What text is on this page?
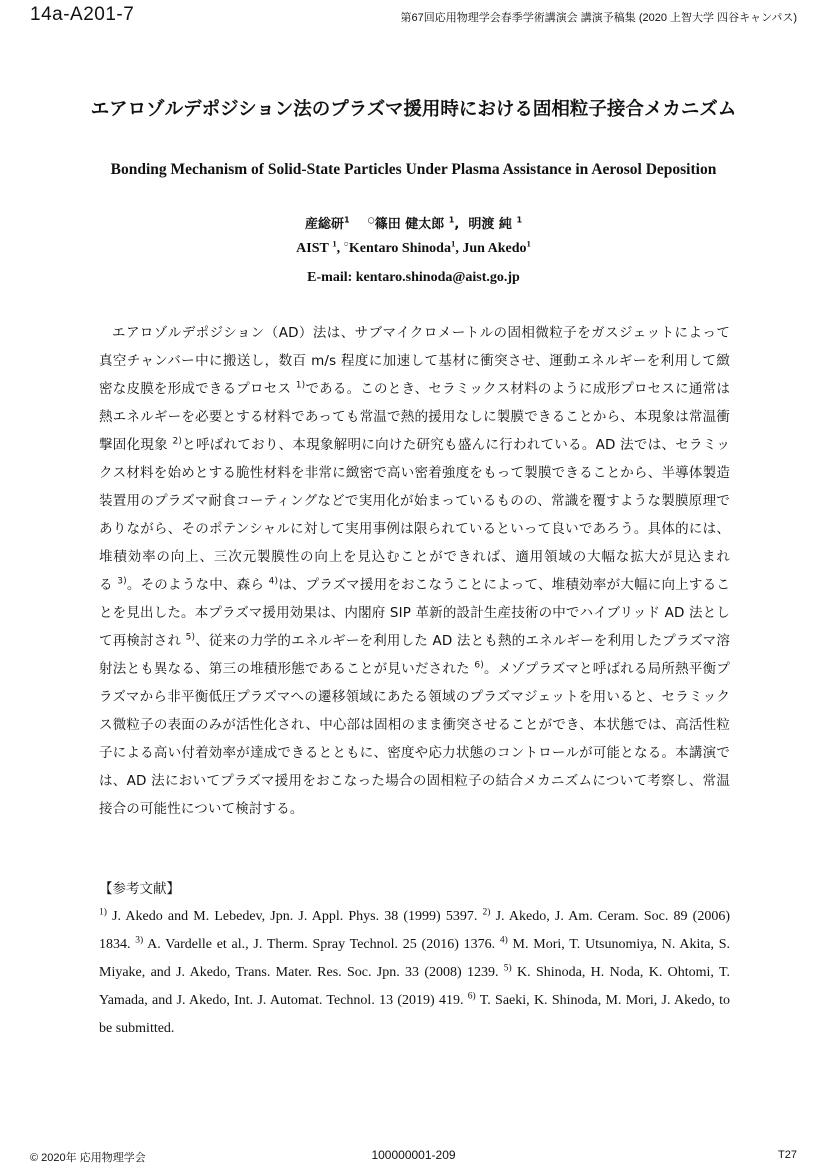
14a-A201-7	第67回応用物理学会春季学術講演会 講演予稿集 (2020 上智大学 四谷キャンパス)
エアロゾルデポジション法のプラズマ援用時における固相粒子接合メカニズム
Bonding Mechanism of Solid-State Particles Under Plasma Assistance in Aerosol Deposition
産総研$^1$ ○篠田 健太郎 $^1$, 明渡 純 $^1$
AIST $^1$, ○Kentaro Shinoda$^1$, Jun Akedo$^1$
E-mail: kentaro.shinoda@aist.go.jp
エアロゾルデポジション（AD）法は、サブマイクロメートルの固相微粒子をガスジェットによって真空チャンバー中に搬送し，数百 m/s 程度に加速して基材に衝突させ、運動エネルギーを利用して緻密な皮膜を形成できるプロセス $^{1)}$である。このとき、セラミックス材料のように成形プロセスに通常は熱エネルギーを必要とする材料であっても常温で熱的援用なしに製膜できることから、本現象は常温衝撃固化現象 $^{2)}$と呼ばれており、本現象解明に向けた研究も盛んに行われている。AD 法では、セラミックス材料を始めとする脆性材料を非常に緻密で高い密着強度をもって製膜できることから、半導体製造装置用のプラズマ耐食コーティングなどで実用化が始まっているものの、常識を覆すような製膜原理でありながら、そのポテンシャルに対して実用事例は限られているといって良いであろう。具体的には、堆積効率の向上、三次元製膜性の向上を見込むことができれば、適用領域の大幅な拡大が見込まれる $^{3)}$。そのような中、森ら $^{4)}$は、プラズマ援用をおこなうことによって、堆積効率が大幅に向上することを見出した。本プラズマ援用効果は、内閣府 SIP 革新的設計生産技術の中でハイブリッド AD 法として再検討され $^{5)}$、従来の力学的エネルギーを利用した AD 法とも熱的エネルギーを利用したプラズマ溶射法とも異なる、第三の堆積形態であることが見いだされた $^{6)}$。メゾプラズマと呼ばれる局所熱平衡プラズマから非平衡低圧プラズマへの遷移領域にあたる領域のプラズマジェットを用いると、セラミックス微粒子の表面のみが活性化され、中心部は固相のまま衝突させることができ、本状態では、高活性粒子による高い付着効率が達成できるとともに、密度や応力状態のコントロールが可能となる。本講演では、AD 法においてプラズマ援用をおこなった場合の固相粒子の結合メカニズムについて考察し、常温接合の可能性について検討する。
【参考文献】
$^{1)}$ J. Akedo and M. Lebedev, Jpn. J. Appl. Phys. 38 (1999) 5397. $^{2)}$ J. Akedo, J. Am. Ceram. Soc. 89 (2006) 1834. $^{3)}$ A. Vardelle et al., J. Therm. Spray Technol. 25 (2016) 1376. $^{4)}$ M. Mori, T. Utsunomiya, N. Akita, S. Miyake, and J. Akedo, Trans. Mater. Res. Soc. Jpn. 33 (2008) 1239. $^{5)}$ K. Shinoda, H. Noda, K. Ohtomi, T. Yamada, and J. Akedo, Int. J. Automat. Technol. 13 (2019) 419. $^{6)}$ T. Saeki, K. Shinoda, M. Mori, J. Akedo, to be submitted.
© 2020年 応用物理学会	100000001-209	T27
